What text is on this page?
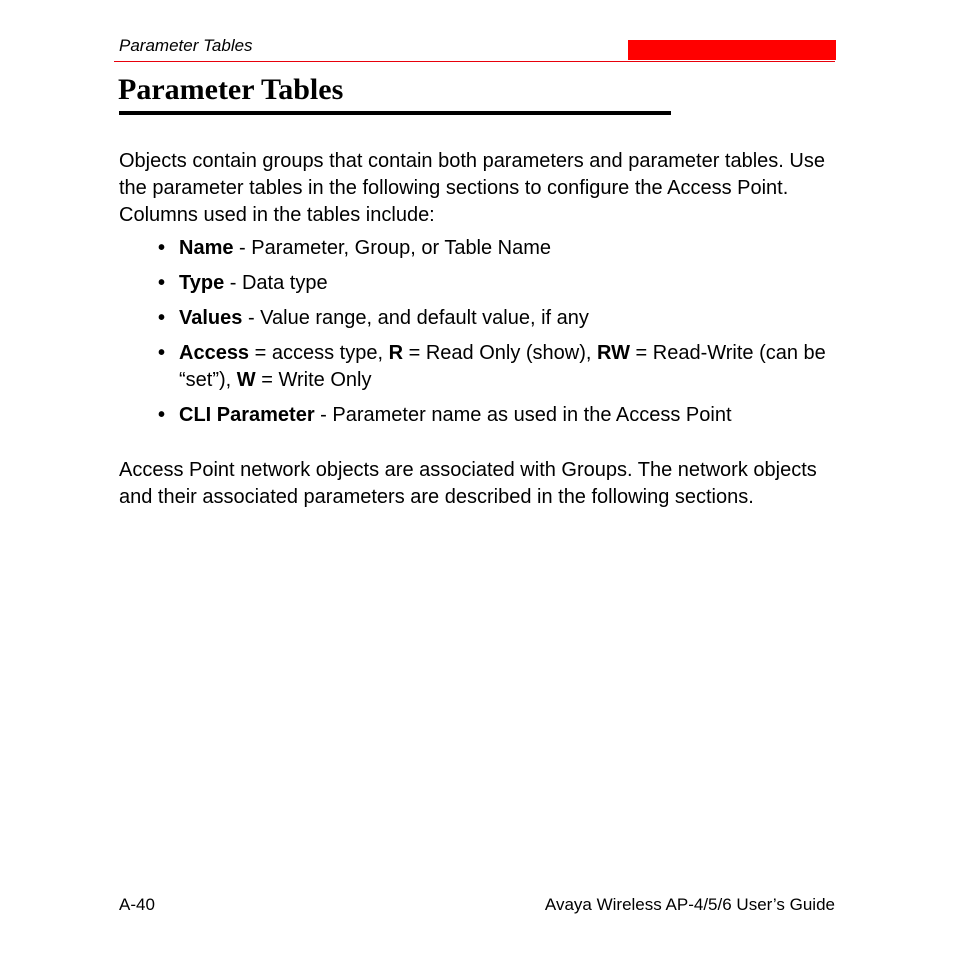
Parameter Tables
Parameter Tables

Objects contain groups that contain both parameters and parameter tables. Use the parameter tables in the following sections to configure the Access Point. Columns used in the tables include:

• Name - Parameter, Group, or Table Name
• Type - Data type
• Values - Value range, and default value, if any
• Access = access type, R = Read Only (show), RW = Read-Write (can be “set”), W = Write Only
• CLI Parameter - Parameter name as used in the Access Point

Access Point network objects are associated with Groups. The network objects and their associated parameters are described in the following sections.

A-40	Avaya Wireless AP-4/5/6 User’s Guide
